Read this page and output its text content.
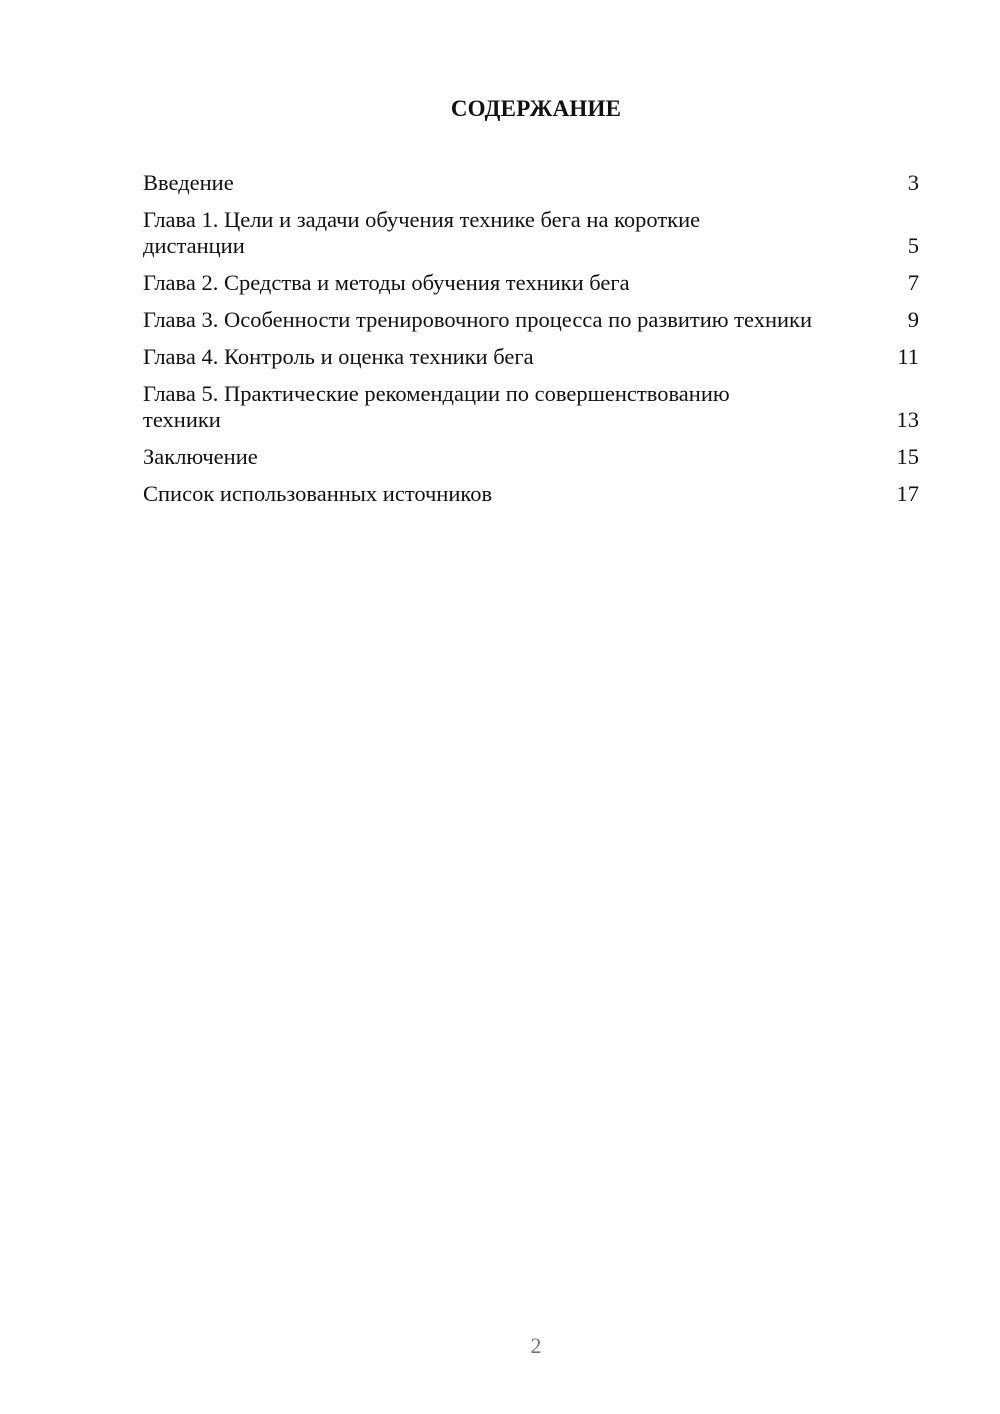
СОДЕРЖАНИЕ
Введение	3
Глава 1. Цели и задачи обучения технике бега на короткие дистанции	5
Глава 2. Средства и методы обучения техники бега	7
Глава 3. Особенности тренировочного процесса по развитию техники	9
Глава 4. Контроль и оценка техники бега	11
Глава 5. Практические рекомендации по совершенствованию техники	13
Заключение	15
Список использованных источников	17
2
